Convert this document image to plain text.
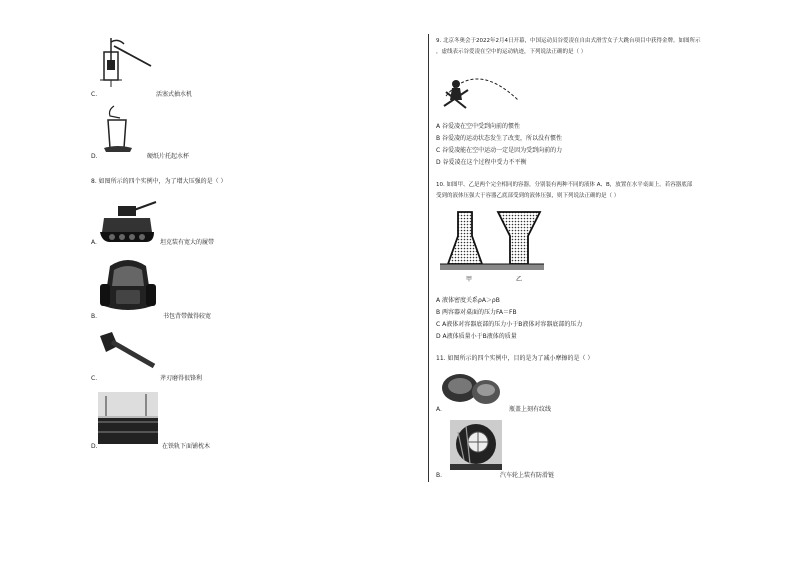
C.	活塞式抽水机
D.	硬纸片托起水杯
8. 如图所示的四个实例中，为了增大压强的是（ ）
A.	坦克装有宽大的履带
B.	书包背带做得较宽
C.	斧刃磨得很锋利
D.	在铁轨下面铺枕木
9. 北京冬奥会于2022年2月4日开幕，中国运动员谷爱凌在自由式滑雪女子大跳台项目中获得金牌。如图所示
，虚线表示谷爱凌在空中的运动轨迹，下列说法正确的是（ ）
A 谷爱凌在空中受到向前的惯性
B 谷爱凌的运动状态发生了改变，所以没有惯性
C 谷爱凌能在空中运动一定是因为受到向前的力
D 谷爱凌在这个过程中受力不平衡
10. 如图甲、乙是两个完全相同的容器，分别装有两种不同的液体 A、B，放置在水平桌面上。若容器底部
受到的液体压强大于容器乙底部受到的液体压强，则下列说法正确的是（ ）
甲	乙
A 液体密度关系ρA＞ρB
B 两容器对桌面的压力FA＝FB
C A液体对容器底部的压力小于B液体对容器底部的压力
D A液体质量小于B液体的质量
11. 如图所示的四个实例中，目的是为了减小摩擦的是（ ）
A.	瓶盖上刻有纹线
B.	汽车轮上装有防滑链
